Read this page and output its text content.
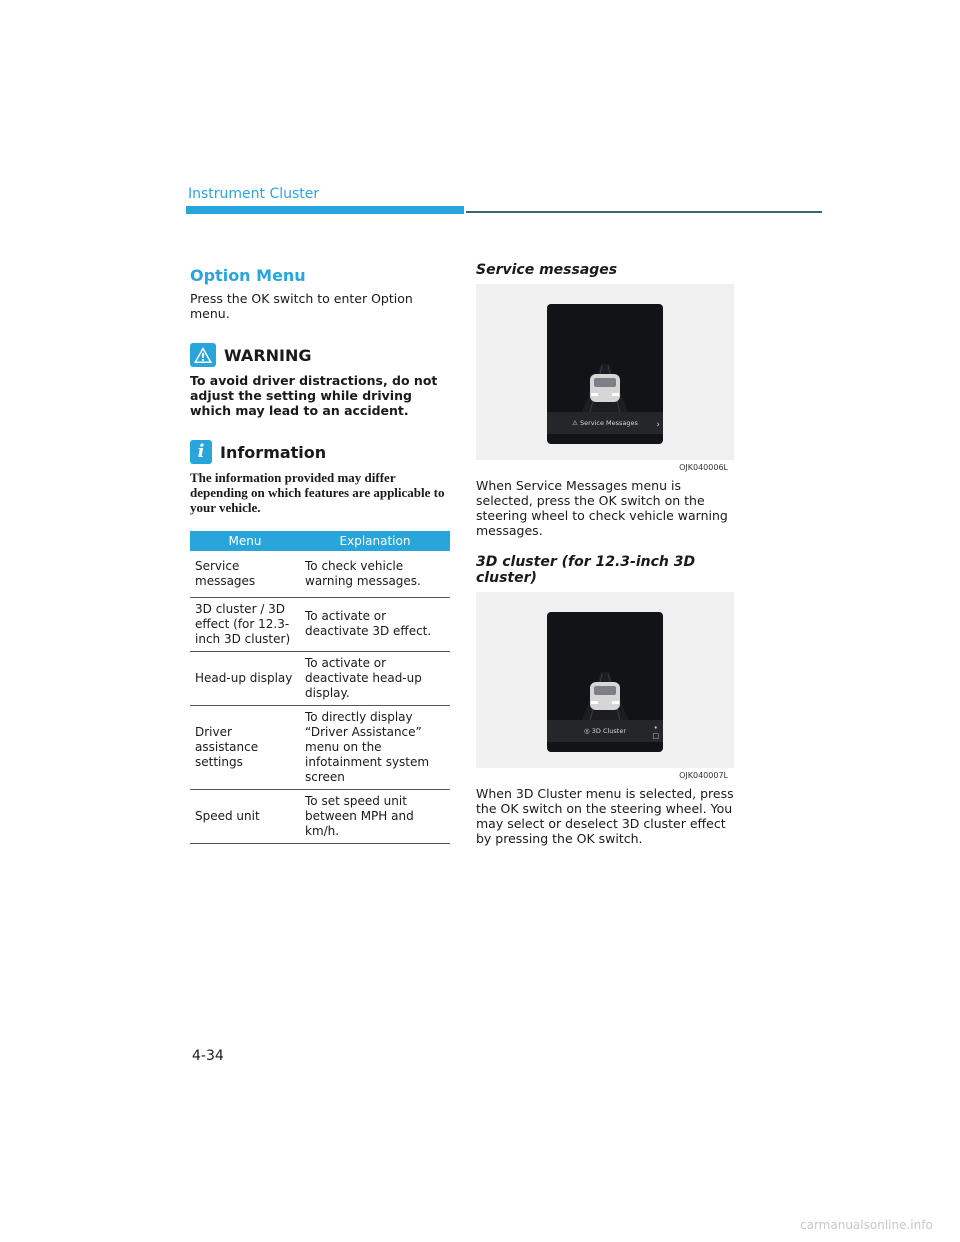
Instrument Cluster
Option Menu

Press the OK switch to enter Option menu.

WARNING
To avoid driver distractions, do not adjust the setting while driving which may lead to an accident.
i Information
The information provided may differ depending on which features are applicable to your vehicle.
Menu	Explanation
Service messages	To check vehicle warning messages.
3D cluster / 3D effect (for 12.3-inch 3D cluster)	To activate or deactivate 3D effect.
Head-up display	To activate or deactivate head-up display.
Driver assistance settings	To directly display “Driver Assistance” menu on the infotainment system screen
Speed unit	To set speed unit between MPH and km/h.
Service messages
⚠ Service Messages	›
OJK040006L

When Service Messages menu is selected, press the OK switch on the steering wheel to check vehicle warning messages.

3D cluster (for 12.3-inch 3D cluster)
◎ 3D Cluster	•
□
OJK040007L

When 3D Cluster menu is selected, press the OK switch on the steering wheel. You may select or deselect 3D cluster effect by pressing the OK switch.

4-34
carmanualsonline.info
